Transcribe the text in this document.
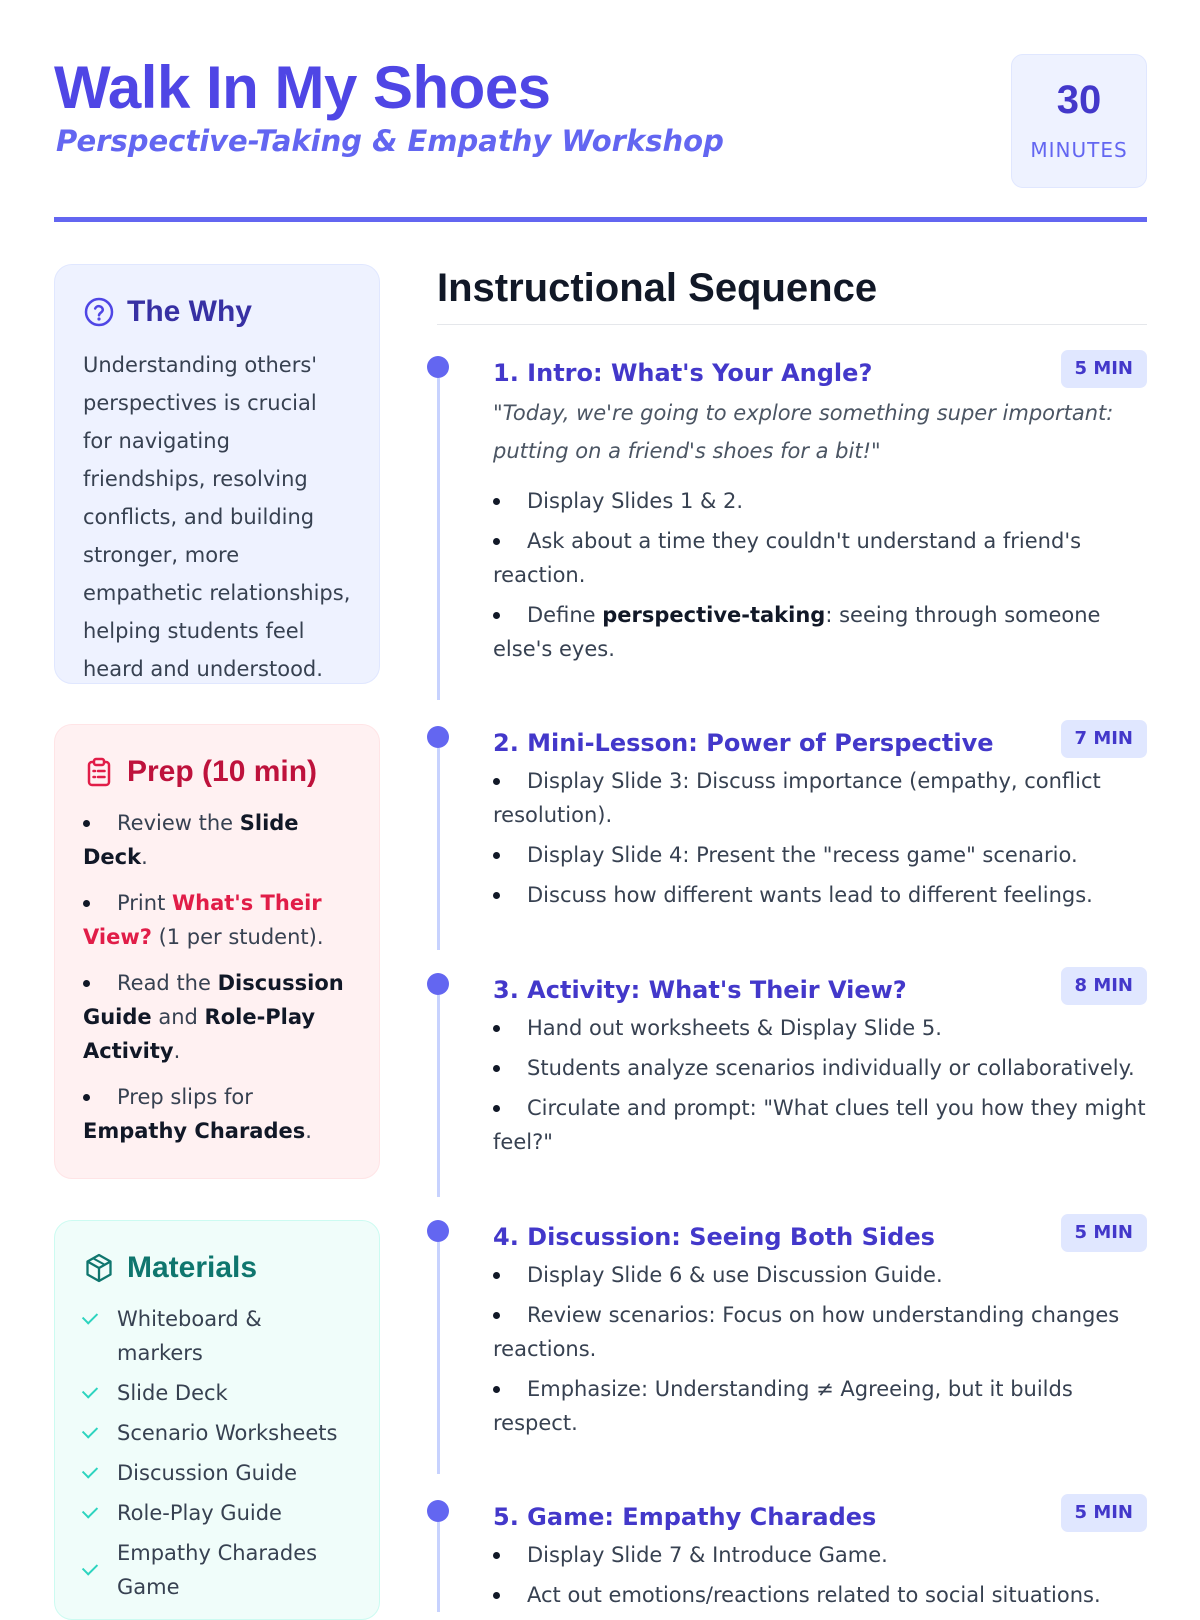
Walk In My Shoes
Perspective-Taking & Empathy Workshop
30
MINUTES
The Why

Understanding others' perspectives is crucial for navigating friendships, resolving conflicts, and building stronger, more empathetic relationships, helping students feel heard and understood.

Prep (10 min)
Review the Slide Deck.
Print What's Their View? (1 per student).
Read the Discussion Guide and Role-Play Activity.
Prep slips for Empathy Charades.
Materials
Whiteboard & markers
Slide Deck
Scenario Worksheets
Discussion Guide
Role-Play Guide
Empathy Charades Game
Instructional Sequence
1. Intro: What's Your Angle?	5 MIN

"Today, we're going to explore something super important: putting on a friend's shoes for a bit!"

Display Slides 1 & 2.
Ask about a time they couldn't understand a friend's reaction.
Define perspective-taking: seeing through someone else's eyes.
2. Mini-Lesson: Power of Perspective	7 MIN
Display Slide 3: Discuss importance (empathy, conflict resolution).
Display Slide 4: Present the "recess game" scenario.
Discuss how different wants lead to different feelings.
3. Activity: What's Their View?	8 MIN
Hand out worksheets & Display Slide 5.
Students analyze scenarios individually or collaboratively.
Circulate and prompt: "What clues tell you how they might feel?"
4. Discussion: Seeing Both Sides	5 MIN
Display Slide 6 & use Discussion Guide.
Review scenarios: Focus on how understanding changes reactions.
Emphasize: Understanding ≠ Agreeing, but it builds respect.
5. Game: Empathy Charades	5 MIN
Display Slide 7 & Introduce Game.
Act out emotions/reactions related to social situations.
